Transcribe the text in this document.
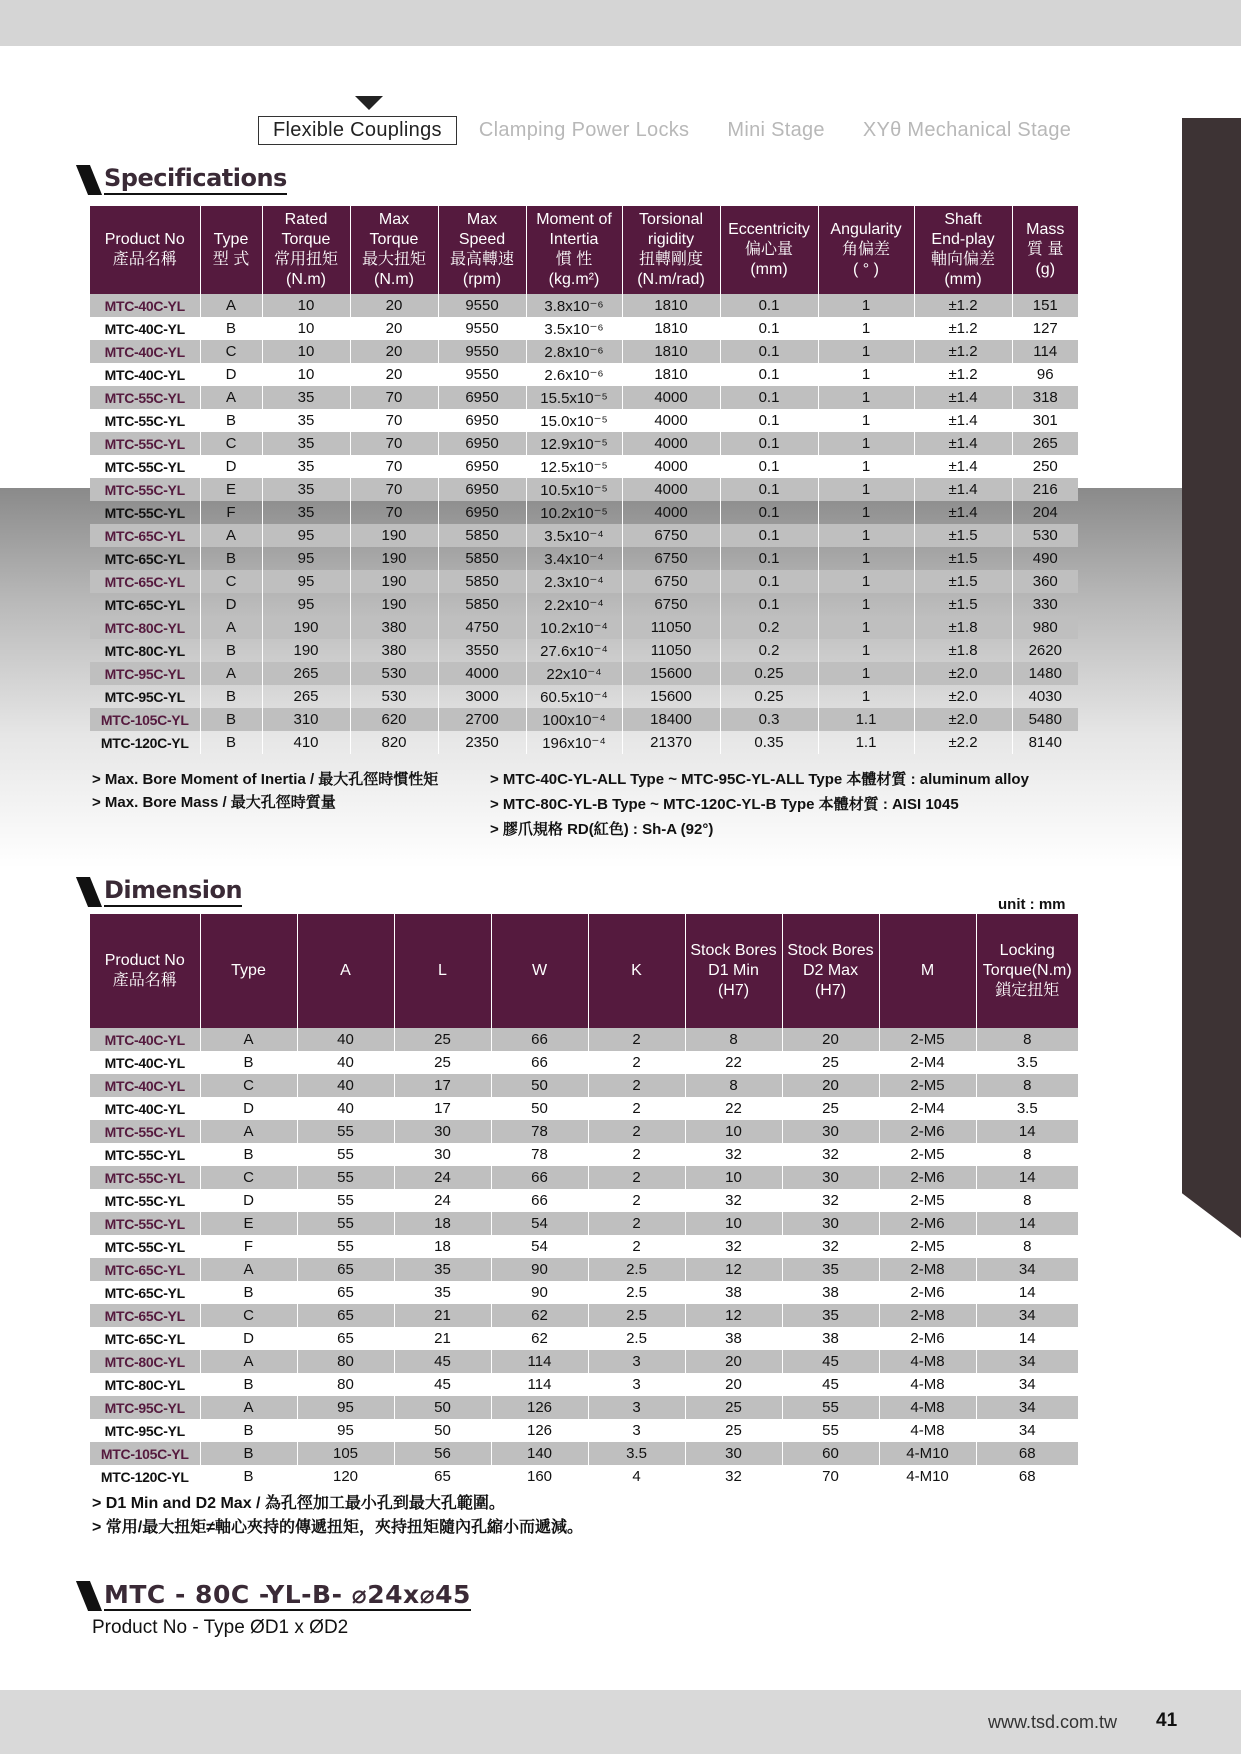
Flexible Couplings	Clamping Power Locks Mini Stage XYθ Mechanical Stage
Specifications
Product No
產品名稱	Type
型 式	Rated
Torque
常用扭矩
(N.m)	Max
Torque
最大扭矩
(N.m)	Max
Speed
最高轉速
(rpm)	Moment of
Intertia
慣 性
(kg.m²)	Torsional
rigidity
扭轉剛度
(N.m/rad)	Eccentricity
偏心量
(mm)	Angularity
角偏差
( ° )	Shaft
End-play
軸向偏差
(mm)	Mass
質 量
(g)

MTC-40C-YL	A	10	20	9550	3.8x10⁻⁶	1810	0.1	1	±1.2	151
MTC-40C-YL	B	10	20	9550	3.5x10⁻⁶	1810	0.1	1	±1.2	127
MTC-40C-YL	C	10	20	9550	2.8x10⁻⁶	1810	0.1	1	±1.2	114
MTC-40C-YL	D	10	20	9550	2.6x10⁻⁶	1810	0.1	1	±1.2	96
MTC-55C-YL	A	35	70	6950	15.5x10⁻⁵	4000	0.1	1	±1.4	318
MTC-55C-YL	B	35	70	6950	15.0x10⁻⁵	4000	0.1	1	±1.4	301
MTC-55C-YL	C	35	70	6950	12.9x10⁻⁵	4000	0.1	1	±1.4	265
MTC-55C-YL	D	35	70	6950	12.5x10⁻⁵	4000	0.1	1	±1.4	250
MTC-55C-YL	E	35	70	6950	10.5x10⁻⁵	4000	0.1	1	±1.4	216
MTC-55C-YL	F	35	70	6950	10.2x10⁻⁵	4000	0.1	1	±1.4	204
MTC-65C-YL	A	95	190	5850	3.5x10⁻⁴	6750	0.1	1	±1.5	530
MTC-65C-YL	B	95	190	5850	3.4x10⁻⁴	6750	0.1	1	±1.5	490
MTC-65C-YL	C	95	190	5850	2.3x10⁻⁴	6750	0.1	1	±1.5	360
MTC-65C-YL	D	95	190	5850	2.2x10⁻⁴	6750	0.1	1	±1.5	330
MTC-80C-YL	A	190	380	4750	10.2x10⁻⁴	11050	0.2	1	±1.8	980
MTC-80C-YL	B	190	380	3550	27.6x10⁻⁴	11050	0.2	1	±1.8	2620
MTC-95C-YL	A	265	530	4000	22x10⁻⁴	15600	0.25	1	±2.0	1480
MTC-95C-YL	B	265	530	3000	60.5x10⁻⁴	15600	0.25	1	±2.0	4030
MTC-105C-YL	B	310	620	2700	100x10⁻⁴	18400	0.3	1.1	±2.0	5480
MTC-120C-YL	B	410	820	2350	196x10⁻⁴	21370	0.35	1.1	±2.2	8140
> Max. Bore Moment of Inertia / 最大孔徑時慣性矩
> Max. Bore Mass / 最大孔徑時質量
> MTC-40C-YL-ALL Type ~ MTC-95C-YL-ALL Type 本體材質 : aluminum alloy
> MTC-80C-YL-B Type ~ MTC-120C-YL-B Type 本體材質 : AISI 1045
> 膠爪規格 RD(紅色) : Sh-A (92°)
Dimension
unit : mm
Product No
產品名稱	Type	A	L	W	K	Stock Bores
D1 Min
(H7)	Stock Bores
D2 Max
(H7)	M	Locking
Torque(N.m)
鎖定扭矩

MTC-40C-YL	A	40	25	66	2	8	20	2-M5	8
MTC-40C-YL	B	40	25	66	2	22	25	2-M4	3.5
MTC-40C-YL	C	40	17	50	2	8	20	2-M5	8
MTC-40C-YL	D	40	17	50	2	22	25	2-M4	3.5
MTC-55C-YL	A	55	30	78	2	10	30	2-M6	14
MTC-55C-YL	B	55	30	78	2	32	32	2-M5	8
MTC-55C-YL	C	55	24	66	2	10	30	2-M6	14
MTC-55C-YL	D	55	24	66	2	32	32	2-M5	8
MTC-55C-YL	E	55	18	54	2	10	30	2-M6	14
MTC-55C-YL	F	55	18	54	2	32	32	2-M5	8
MTC-65C-YL	A	65	35	90	2.5	12	35	2-M8	34
MTC-65C-YL	B	65	35	90	2.5	38	38	2-M6	14
MTC-65C-YL	C	65	21	62	2.5	12	35	2-M8	34
MTC-65C-YL	D	65	21	62	2.5	38	38	2-M6	14
MTC-80C-YL	A	80	45	114	3	20	45	4-M8	34
MTC-80C-YL	B	80	45	114	3	20	45	4-M8	34
MTC-95C-YL	A	95	50	126	3	25	55	4-M8	34
MTC-95C-YL	B	95	50	126	3	25	55	4-M8	34
MTC-105C-YL	B	105	56	140	3.5	30	60	4-M10	68
MTC-120C-YL	B	120	65	160	4	32	70	4-M10	68
> D1 Min and D2 Max / 為孔徑加工最小孔到最大孔範圍。
> 常用/最大扭矩≠軸心夾持的傳遞扭矩，夾持扭矩隨內孔縮小而遞減。
MTC - 80C -YL-B- ⌀24x⌀45
Product No - Type ØD1 x ØD2
www.tsd.com.tw 41
